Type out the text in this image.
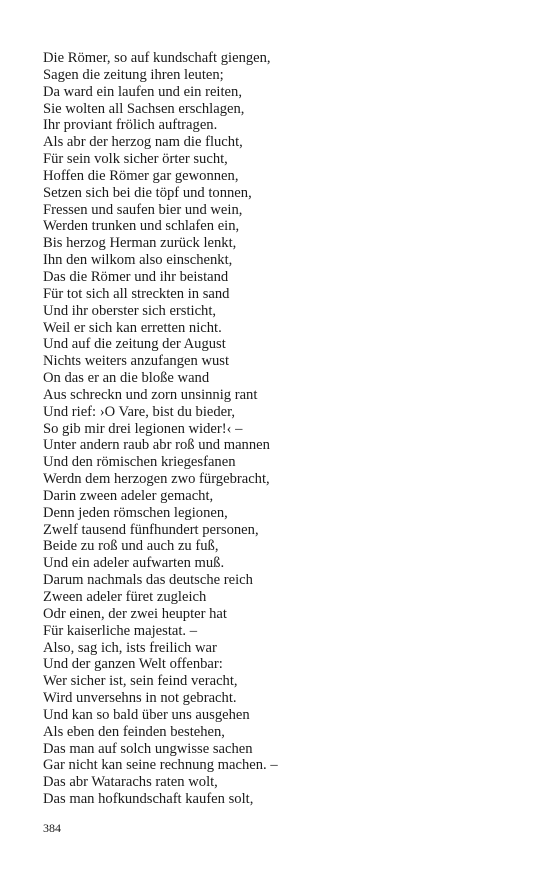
Die Römer, so auf kundschaft giengen,
Sagen die zeitung ihren leuten;
Da ward ein laufen und ein reiten,
Sie wolten all Sachsen erschlagen,
Ihr proviant frölich auftragen.
Als abr der herzog nam die flucht,
Für sein volk sicher örter sucht,
Hoffen die Römer gar gewonnen,
Setzen sich bei die töpf und tonnen,
Fressen und saufen bier und wein,
Werden trunken und schlafen ein,
Bis herzog Herman zurück lenkt,
Ihn den wilkom also einschenkt,
Das die Römer und ihr beistand
Für tot sich all streckten in sand
Und ihr oberster sich ersticht,
Weil er sich kan erretten nicht.
Und auf die zeitung der August
Nichts weiters anzufangen wust
On das er an die bloße wand
Aus schreckn und zorn unsinnig rant
Und rief: ›O Vare, bist du bieder,
So gib mir drei legionen wider!‹ –
Unter andern raub abr roß und mannen
Und den römischen kriegesfanen
Werdn dem herzogen zwo fürgebracht,
Darin zween adeler gemacht,
Denn jeden römschen legionen,
Zwelf tausend fünfhundert personen,
Beide zu roß und auch zu fuß,
Und ein adeler aufwarten muß.
Darum nachmals das deutsche reich
Zween adeler füret zugleich
Odr einen, der zwei heupter hat
Für kaiserliche majestat. –
Also, sag ich, ists freilich war
Und der ganzen Welt offenbar:
Wer sicher ist, sein feind veracht,
Wird unversehns in not gebracht.
Und kan so bald über uns ausgehen
Als eben den feinden bestehen,
Das man auf solch ungwisse sachen
Gar nicht kan seine rechnung machen. –
Das abr Watarachs raten wolt,
Das man hofkundschaft kaufen solt,
384
